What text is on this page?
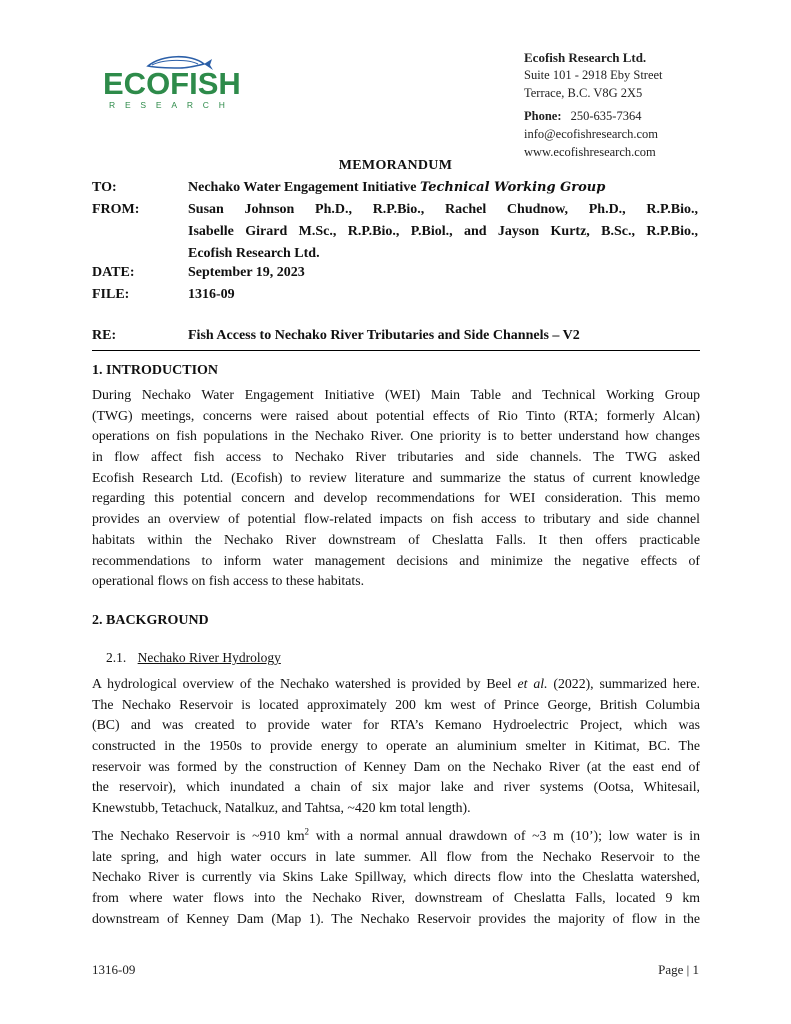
ECOFISH
RESEARCH
Ecofish Research Ltd.
Suite 101 - 2918 Eby Street
Terrace, B.C. V8G 2X5
Phone: 250-635-7364
info@ecofishresearch.com
www.ecofishresearch.com
MEMORANDUM
TO:	Nechako Water Engagement Initiative Technical Working Group
FROM:	Susan Johnson Ph.D., R.P.Bio., Rachel Chudnow, Ph.D., R.P.Bio.,
Isabelle Girard M.Sc., R.P.Bio., P.Biol., and Jayson Kurtz, B.Sc., R.P.Bio.,
Ecofish Research Ltd.
DATE:	September 19, 2023
FILE:	1316-09
RE:	Fish Access to Nechako River Tributaries and Side Channels – V2
1. INTRODUCTION
During Nechako Water Engagement Initiative (WEI) Main Table and Technical Working Group
(TWG) meetings, concerns were raised about potential effects of Rio Tinto (RTA; formerly Alcan)
operations on fish populations in the Nechako River. One priority is to better understand how changes
in flow affect fish access to Nechako River tributaries and side channels. The TWG asked
Ecofish Research Ltd. (Ecofish) to review literature and summarize the status of current knowledge
regarding this potential concern and develop recommendations for WEI consideration. This memo
provides an overview of potential flow-related impacts on fish access to tributary and side channel
habitats within the Nechako River downstream of Cheslatta Falls. It then offers practicable
recommendations to inform water management decisions and minimize the negative effects of
operational flows on fish access to these habitats.
2. BACKGROUND
2.1. Nechako River Hydrology
A hydrological overview of the Nechako watershed is provided by Beel et al. (2022), summarized here.
The Nechako Reservoir is located approximately 200 km west of Prince George, British Columbia
(BC) and was created to provide water for RTA’s Kemano Hydroelectric Project, which was
constructed in the 1950s to provide energy to operate an aluminium smelter in Kitimat, BC. The
reservoir was formed by the construction of Kenney Dam on the Nechako River (at the east end of
the reservoir), which inundated a chain of six major lake and river systems (Ootsa, Whitesail,
Knewstubb, Tetachuck, Natalkuz, and Tahtsa, ~420 km total length).
The Nechako Reservoir is ~910 $km^2$ with a normal annual drawdown of ~3 m (10’); low water is in
late spring, and high water occurs in late summer. All flow from the Nechako Reservoir to the
Nechako River is currently via Skins Lake Spillway, which directs flow into the Cheslatta watershed,
from where water flows into the Nechako River, downstream of Cheslatta Falls, located 9 km
downstream of Kenney Dam (Map 1). The Nechako Reservoir provides the majority of flow in the
1316-09	Page | 1
